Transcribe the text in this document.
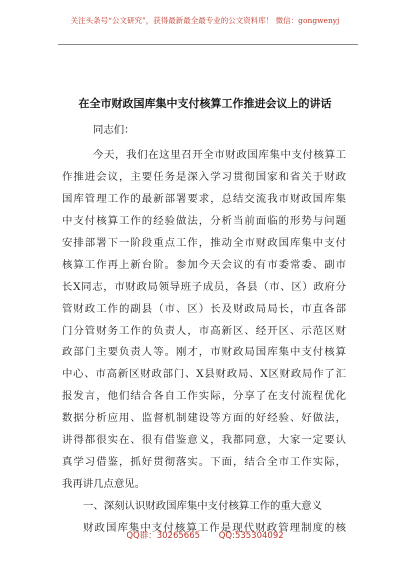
关注头条号“公文研究”，获得最新最全最专业的公文资料库！ 微信：gongwenyj
在全市财政国库集中支付核算工作推进会议上的讲话
同志们：
今天，我们在这里召开全市财政国库集中支付核算工
作推进会议，主要任务是深入学习贯彻国家和省关于财政
国库管理工作的最新部署要求，总结交流我市财政国库集
中支付核算工作的经验做法，分析当前面临的形势与问题
安排部署下一阶段重点工作，推动全市财政国库集中支付
核算工作再上新台阶。参加今天会议的有市委常委、副市
长X同志，市财政局领导班子成员，各县（市、区）政府分
管财政工作的副县（市、区）长及财政局局长，市直各部
门分管财务工作的负责人，市高新区、经开区、示范区财
政部门主要负责人等。刚才，市财政局国库集中支付核算
中心、市高新区财政部门、X县财政局、X区财政局作了汇
报发言，他们结合各自工作实际，分享了在支付流程优化
数据分析应用、监督机制建设等方面的好经验、好做法，
讲得都很实在、很有借鉴意义，我都同意，大家一定要认
真学习借鉴，抓好贯彻落实。下面，结合全市工作实际，
我再讲几点意见。
一、深刻认识财政国库集中支付核算工作的重大意义
财政国库集中支付核算工作是现代财政管理制度的核
QQ群：30265665 QQ:535304092
